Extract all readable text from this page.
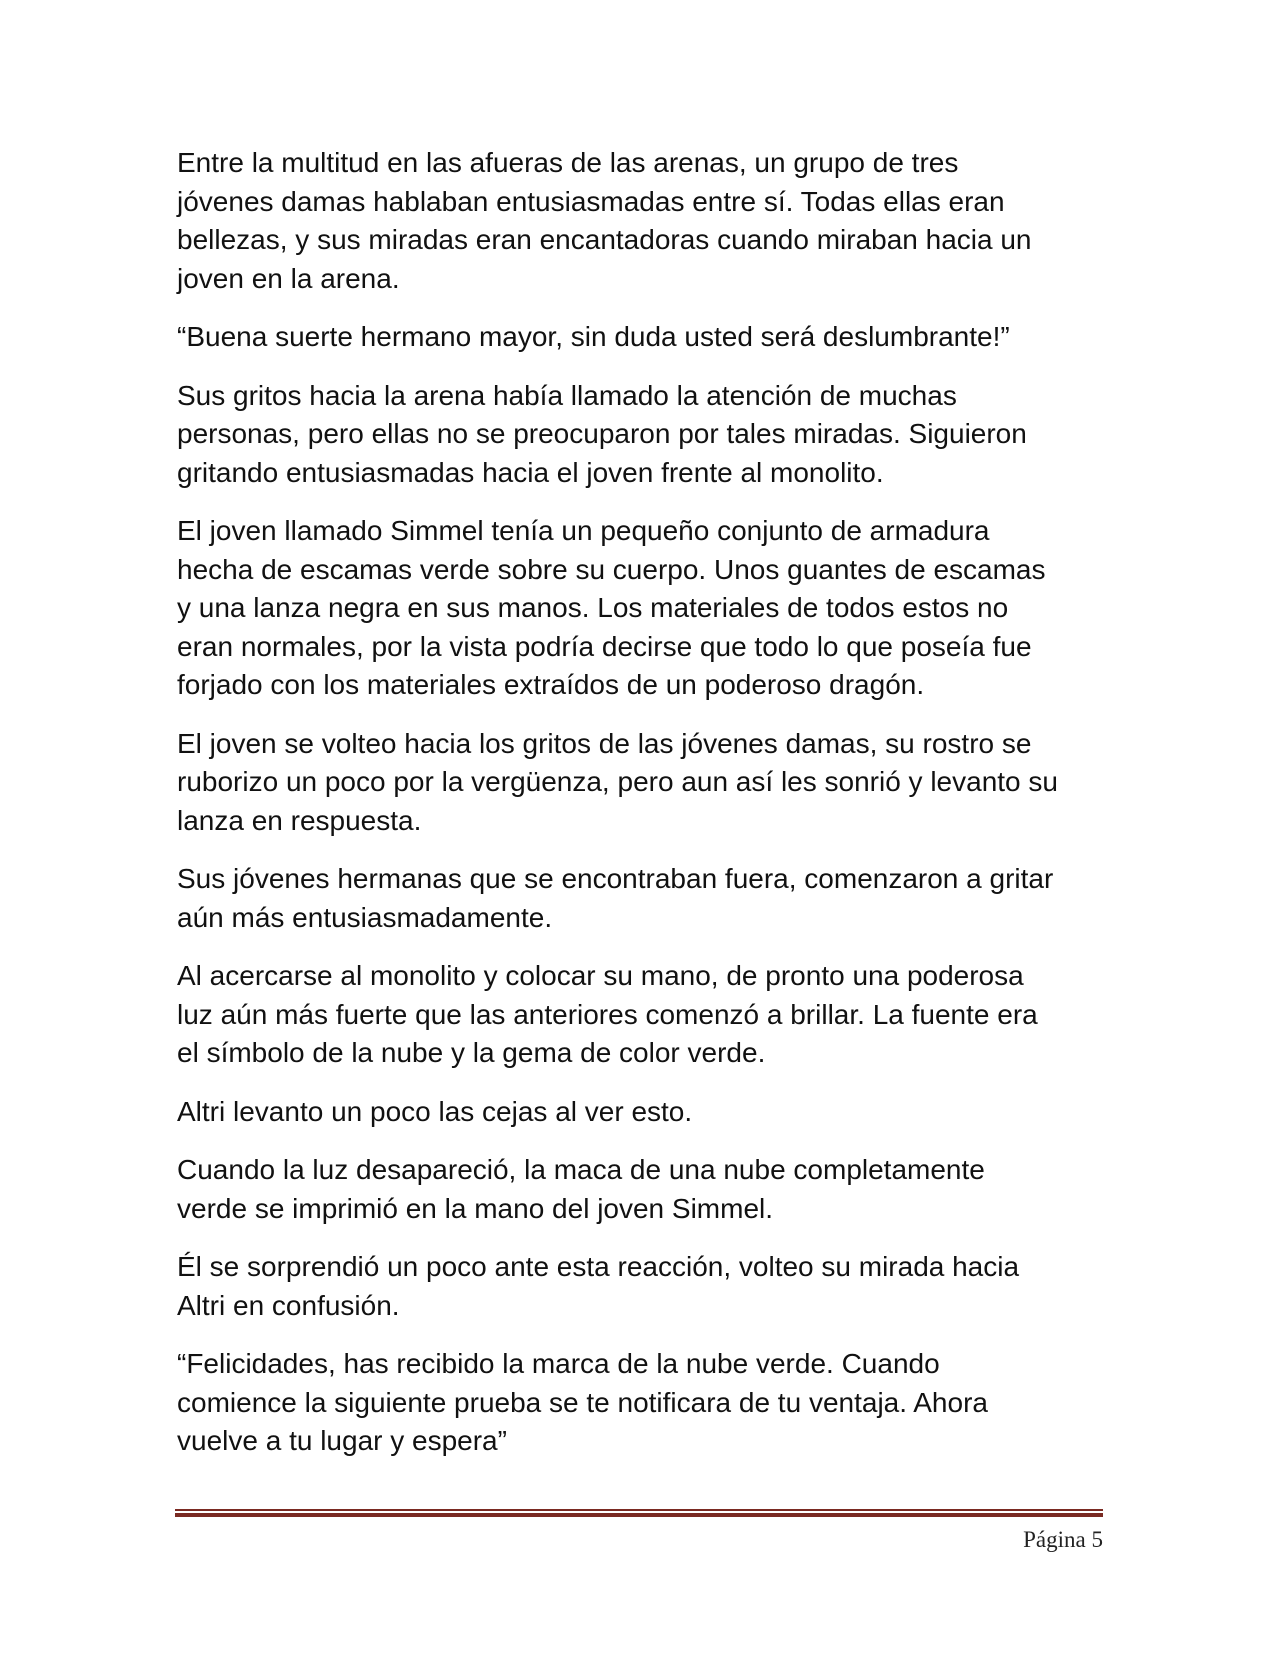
Entre la multitud en las afueras de las arenas, un grupo de tres
jóvenes damas hablaban entusiasmadas entre sí. Todas ellas eran
bellezas, y sus miradas eran encantadoras cuando miraban hacia un
joven en la arena.

“Buena suerte hermano mayor, sin duda usted será deslumbrante!”

Sus gritos hacia la arena había llamado la atención de muchas
personas, pero ellas no se preocuparon por tales miradas. Siguieron
gritando entusiasmadas hacia el joven frente al monolito.

El joven llamado Simmel tenía un pequeño conjunto de armadura
hecha de escamas verde sobre su cuerpo. Unos guantes de escamas
y una lanza negra en sus manos. Los materiales de todos estos no
eran normales, por la vista podría decirse que todo lo que poseía fue
forjado con los materiales extraídos de un poderoso dragón.

El joven se volteo hacia los gritos de las jóvenes damas, su rostro se
ruborizo un poco por la vergüenza, pero aun así les sonrió y levanto su
lanza en respuesta.

Sus jóvenes hermanas que se encontraban fuera, comenzaron a gritar
aún más entusiasmadamente.

Al acercarse al monolito y colocar su mano, de pronto una poderosa
luz aún más fuerte que las anteriores comenzó a brillar. La fuente era
el símbolo de la nube y la gema de color verde.

Altri levanto un poco las cejas al ver esto.

Cuando la luz desapareció, la maca de una nube completamente
verde se imprimió en la mano del joven Simmel.

Él se sorprendió un poco ante esta reacción, volteo su mirada hacia
Altri en confusión.

“Felicidades, has recibido la marca de la nube verde. Cuando
comience la siguiente prueba se te notificara de tu ventaja. Ahora
vuelve a tu lugar y espera”

Página 5
